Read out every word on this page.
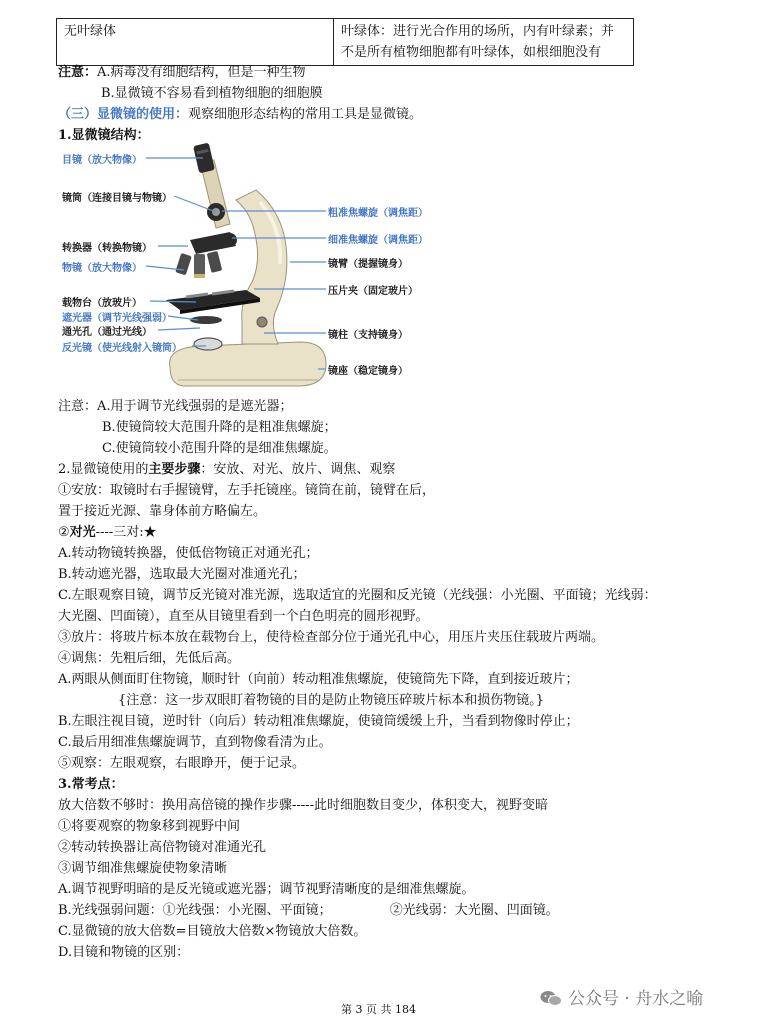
无叶绿体	叶绿体：进行光合作用的场所，内有叶绿素；并不是所有植物细胞都有叶绿体，如根细胞没有
注意：A.病毒没有细胞结构，但是一种生物
B.显微镜不容易看到植物细胞的细胞膜
（三）显微镜的使用：观察细胞形态结构的常用工具是显微镜。
1.显微镜结构：
目镜（放大物像）
镜筒（连接目镜与物镜）
转换器（转换物镜）
物镜（放大物像）
载物台（放玻片）
遮光器（调节光线强弱）
通光孔（通过光线）
反光镜（使光线射入镜筒）
粗准焦螺旋（调焦距）
细准焦螺旋（调焦距）
镜臂（提握镜身）
压片夹（固定玻片）
镜柱（支持镜身）
镜座（稳定镜身）
注意：A.用于调节光线强弱的是遮光器；
B.使镜筒较大范围升降的是粗准焦螺旋；
C.使镜筒较小范围升降的是细准焦螺旋。
2.显微镜使用的主要步骤：安放、对光、放片、调焦、观察
①安放：取镜时右手握镜臂，左手托镜座。镜筒在前，镜臂在后，
置于接近光源、靠身体前方略偏左。
②对光----三对:★
A.转动物镜转换器，使低倍物镜正对通光孔；
B.转动遮光器，选取最大光圈对准通光孔；
C.左眼观察目镜，调节反光镜对准光源，选取适宜的光圈和反光镜（光线强：小光圈、平面镜；光线弱：
大光圈、凹面镜），直至从目镜里看到一个白色明亮的圆形视野。
③放片：将玻片标本放在载物台上，使待检查部分位于通光孔中心，用压片夹压住载玻片两端。
④调焦：先粗后细，先低后高。
A.两眼从侧面盯住物镜，顺时针（向前）转动粗准焦螺旋，使镜筒先下降，直到接近玻片；
{注意：这一步双眼盯着物镜的目的是防止物镜压碎玻片标本和损伤物镜。}
B.左眼注视目镜，逆时针（向后）转动粗准焦螺旋，使镜筒缓缓上升，当看到物像时停止；
C.最后用细准焦螺旋调节，直到物像看清为止。
⑤观察：左眼观察，右眼睁开，便于记录。
3.常考点：
放大倍数不够时：换用高倍镜的操作步骤-----此时细胞数目变少，体积变大，视野变暗
①将要观察的物象移到视野中间
②转动转换器让高倍物镜对准通光孔
③调节细准焦螺旋使物象清晰
A.调节视野明暗的是反光镜或遮光器；调节视野清晰度的是细准焦螺旋。
B.光线强弱问题：①光线强：小光圈、平面镜；	②光线弱：大光圈、凹面镜。
C.显微镜的放大倍数=目镜放大倍数×物镜放大倍数。
D.目镜和物镜的区别：
公众号 · 舟水之喻
第 3 页 共 184
